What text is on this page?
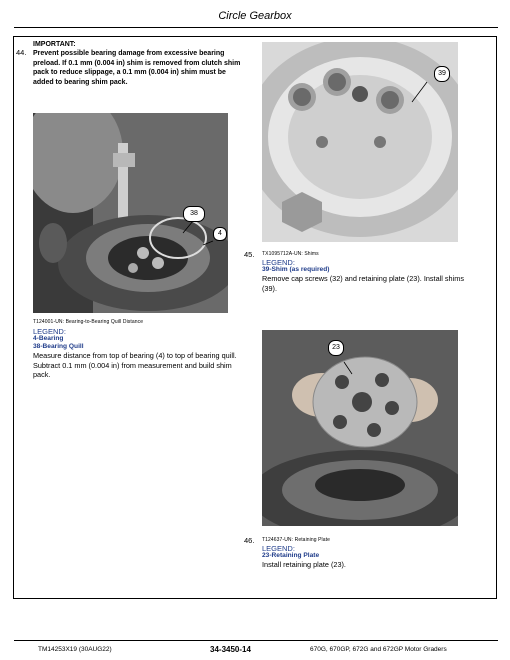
Circle Gearbox
44.
IMPORTANT:
Prevent possible bearing damage from excessive bearing preload. If 0.1 mm (0.004 in) shim is removed from clutch shim pack to reduce slippage, a 0.1 mm (0.004 in) shim must be added to bearing shim pack.
38
4
T124001-UN: Bearing-to-Bearing Quill Distance
LEGEND:
4-Bearing
38-Bearing Quill
Measure distance from top of bearing (4) to top of bearing quill. Subtract 0.1 mm (0.004 in) from measurement and build shim pack.
39
45. TX1095712A-UN: Shims
LEGEND:
39-Shim (as required)
Remove cap screws (32) and retaining plate (23). Install shims (39).
23
46. T124637-UN: Retaining Plate
LEGEND:
23-Retaining Plate
Install retaining plate (23).
TM14253X19 (30AUG22)	34-3450-14	670G, 670GP, 672G and 672GP Motor Graders
